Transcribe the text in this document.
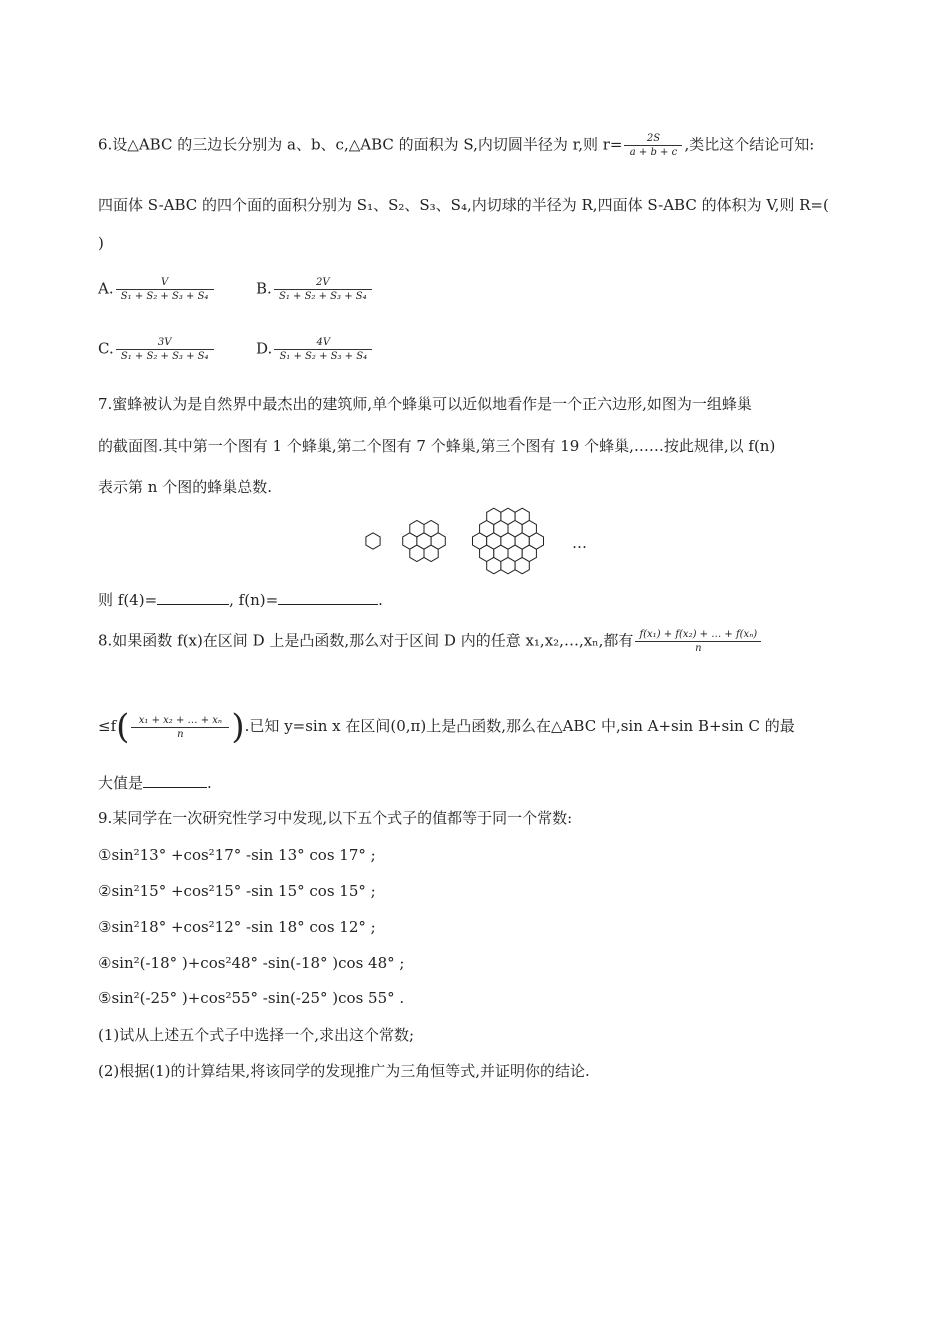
6.设△ABC 的三边长分别为 a、b、c,△ABC 的面积为 S,内切圆半径为 r,则 $r= \frac{2S}{a + b + c}$ ,类比这个结论可知:
四面体 S-ABC 的四个面的面积分别为 S₁、S₂、S₃、S₄,内切球的半径为 R,四面体 S-ABC 的体积为 V,则 R=(
)
A. $\frac{V}{\text{S₁ + S₂ + S₃ + S₄}}$	B. $\frac{2V}{\text{S₁ + S₂ + S₃ + S₄}}$
C. $\frac{3V}{\text{S₁ + S₂ + S₃ + S₄}}$	D. $\frac{4V}{\text{S₁ + S₂ + S₃ + S₄}}$
7.蜜蜂被认为是自然界中最杰出的建筑师,单个蜂巢可以近似地看作是一个正六边形,如图为一组蜂巢
的截面图.其中第一个图有 1 个蜂巢,第二个图有 7 个蜂巢,第三个图有 19 个蜂巢,……按此规律,以 f(n)
表示第 n 个图的蜂巢总数.
…
则 f(4)=	, f(n)=	.
8.如果函数 f(x)在区间 D 上是凸函数,那么对于区间 D 内的任意 x₁,x₂,…,xₙ,都有 $\frac{\text{f(x₁) + f(x₂) + … + f(xₙ)}}{n}$
$\le f( \frac{\text{x₁ + x₂ + … + xₙ}}{n}$ ).已知 y=sin x 在区间(0,π)上是凸函数,那么在△ABC 中,sin A+sin B+sin C 的最
大值是	.
9.某同学在一次研究性学习中发现,以下五个式子的值都等于同一个常数:
①sin²13° +cos²17° -sin 13° cos 17° ;
②sin²15° +cos²15° -sin 15° cos 15° ;
③sin²18° +cos²12° -sin 18° cos 12° ;
④sin²(-18° )+cos²48° -sin(-18° )cos 48° ;
⑤sin²(-25° )+cos²55° -sin(-25° )cos 55° .
(1)试从上述五个式子中选择一个,求出这个常数;
(2)根据(1)的计算结果,将该同学的发现推广为三角恒等式,并证明你的结论.
